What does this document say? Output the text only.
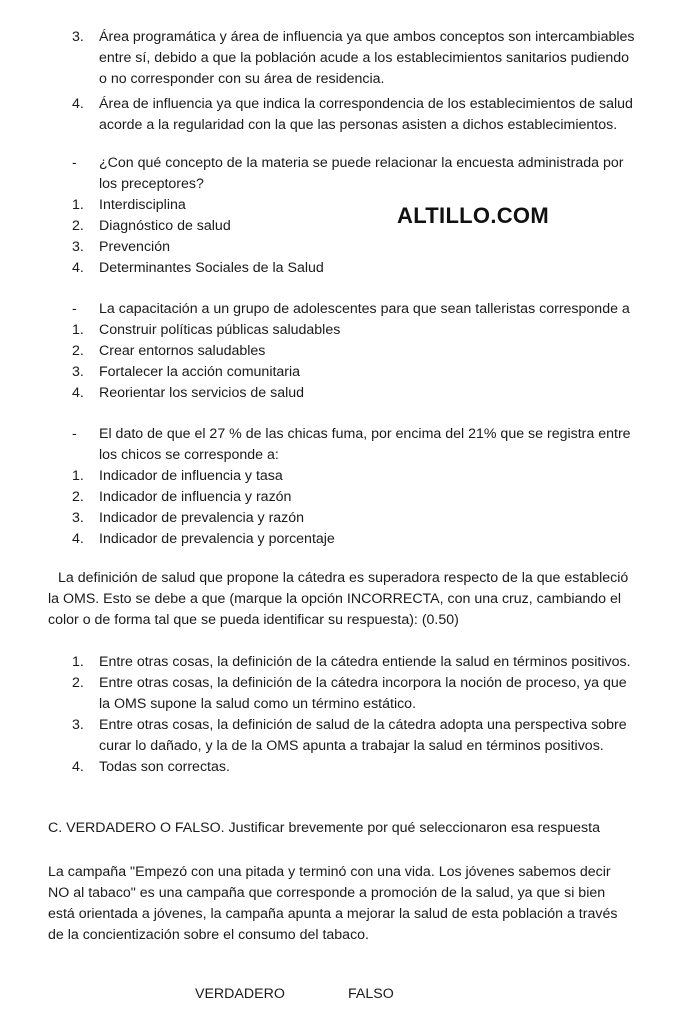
3. Área programática y área de influencia ya que ambos conceptos son intercambiables
entre sí, debido a que la población acude a los establecimientos sanitarios pudiendo
o no corresponder con su área de residencia.
4. Área de influencia ya que indica la correspondencia de los establecimientos de salud
acorde a la regularidad con la que las personas asisten a dichos establecimientos.
- ¿Con qué concepto de la materia se puede relacionar la encuesta administrada por
los preceptores?
1. Interdisciplina
2. Diagnóstico de salud
3. Prevención
4. Determinantes Sociales de la Salud
ALTILLO.COM
- La capacitación a un grupo de adolescentes para que sean talleristas corresponde a
1. Construir políticas públicas saludables
2. Crear entornos saludables
3. Fortalecer la acción comunitaria
4. Reorientar los servicios de salud
- El dato de que el 27 % de las chicas fuma, por encima del 21% que se registra entre
los chicos se corresponde a:
1. Indicador de influencia y tasa
2. Indicador de influencia y razón
3. Indicador de prevalencia y razón
4. Indicador de prevalencia y porcentaje
La definición de salud que propone la cátedra es superadora respecto de la que estableció
la OMS. Esto se debe a que (marque la opción INCORRECTA, con una cruz, cambiando el
color o de forma tal que se pueda identificar su respuesta): (0.50)
1. Entre otras cosas, la definición de la cátedra entiende la salud en términos positivos.
2. Entre otras cosas, la definición de la cátedra incorpora la noción de proceso, ya que
la OMS supone la salud como un término estático.
3. Entre otras cosas, la definición de salud de la cátedra adopta una perspectiva sobre
curar lo dañado, y la de la OMS apunta a trabajar la salud en términos positivos.
4. Todas son correctas.
C. VERDADERO O FALSO. Justificar brevemente por qué seleccionaron esa respuesta
La campaña "Empezó con una pitada y terminó con una vida. Los jóvenes sabemos decir
NO al tabaco" es una campaña que corresponde a promoción de la salud, ya que si bien
está orientada a jóvenes, la campaña apunta a mejorar la salud de esta población a través
de la concientización sobre el consumo del tabaco.
VERDADERO	FALSO
